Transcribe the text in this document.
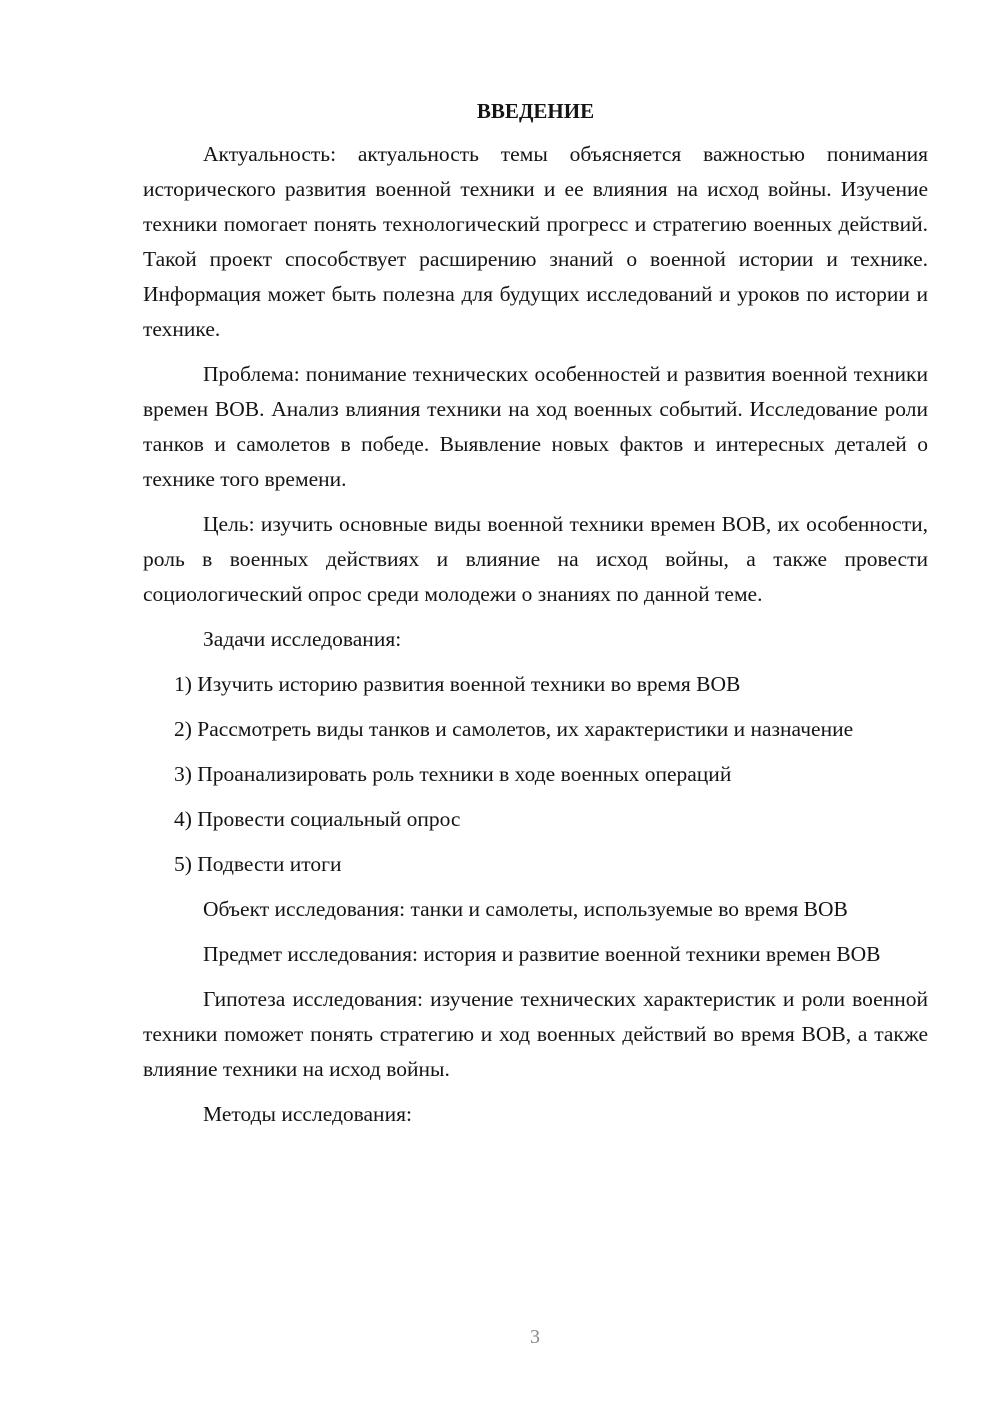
ВВЕДЕНИЕ

Актуальность: актуальность темы объясняется важностью понимания исторического развития военной техники и ее влияния на исход войны. Изучение техники помогает понять технологический прогресс и стратегию военных действий. Такой проект способствует расширению знаний о военной истории и технике. Информация может быть полезна для будущих исследований и уроков по истории и технике.

Проблема: понимание технических особенностей и развития военной техники времен ВОВ. Анализ влияния техники на ход военных событий. Исследование роли танков и самолетов в победе. Выявление новых фактов и интересных деталей о технике того времени.

Цель: изучить основные виды военной техники времен ВОВ, их особенности, роль в военных действиях и влияние на исход войны, а также провести социологический опрос среди молодежи о знаниях по данной теме.

Задачи исследования:

1) Изучить историю развития военной техники во время ВОВ

2) Рассмотреть виды танков и самолетов, их характеристики и назначение

3) Проанализировать роль техники в ходе военных операций

4) Провести социальный опрос

5) Подвести итоги

Объект исследования: танки и самолеты, используемые во время ВОВ

Предмет исследования: история и развитие военной техники времен ВОВ

Гипотеза исследования: изучение технических характеристик и роли военной техники поможет понять стратегию и ход военных действий во время ВОВ, а также влияние техники на исход войны.

Методы исследования:

3
